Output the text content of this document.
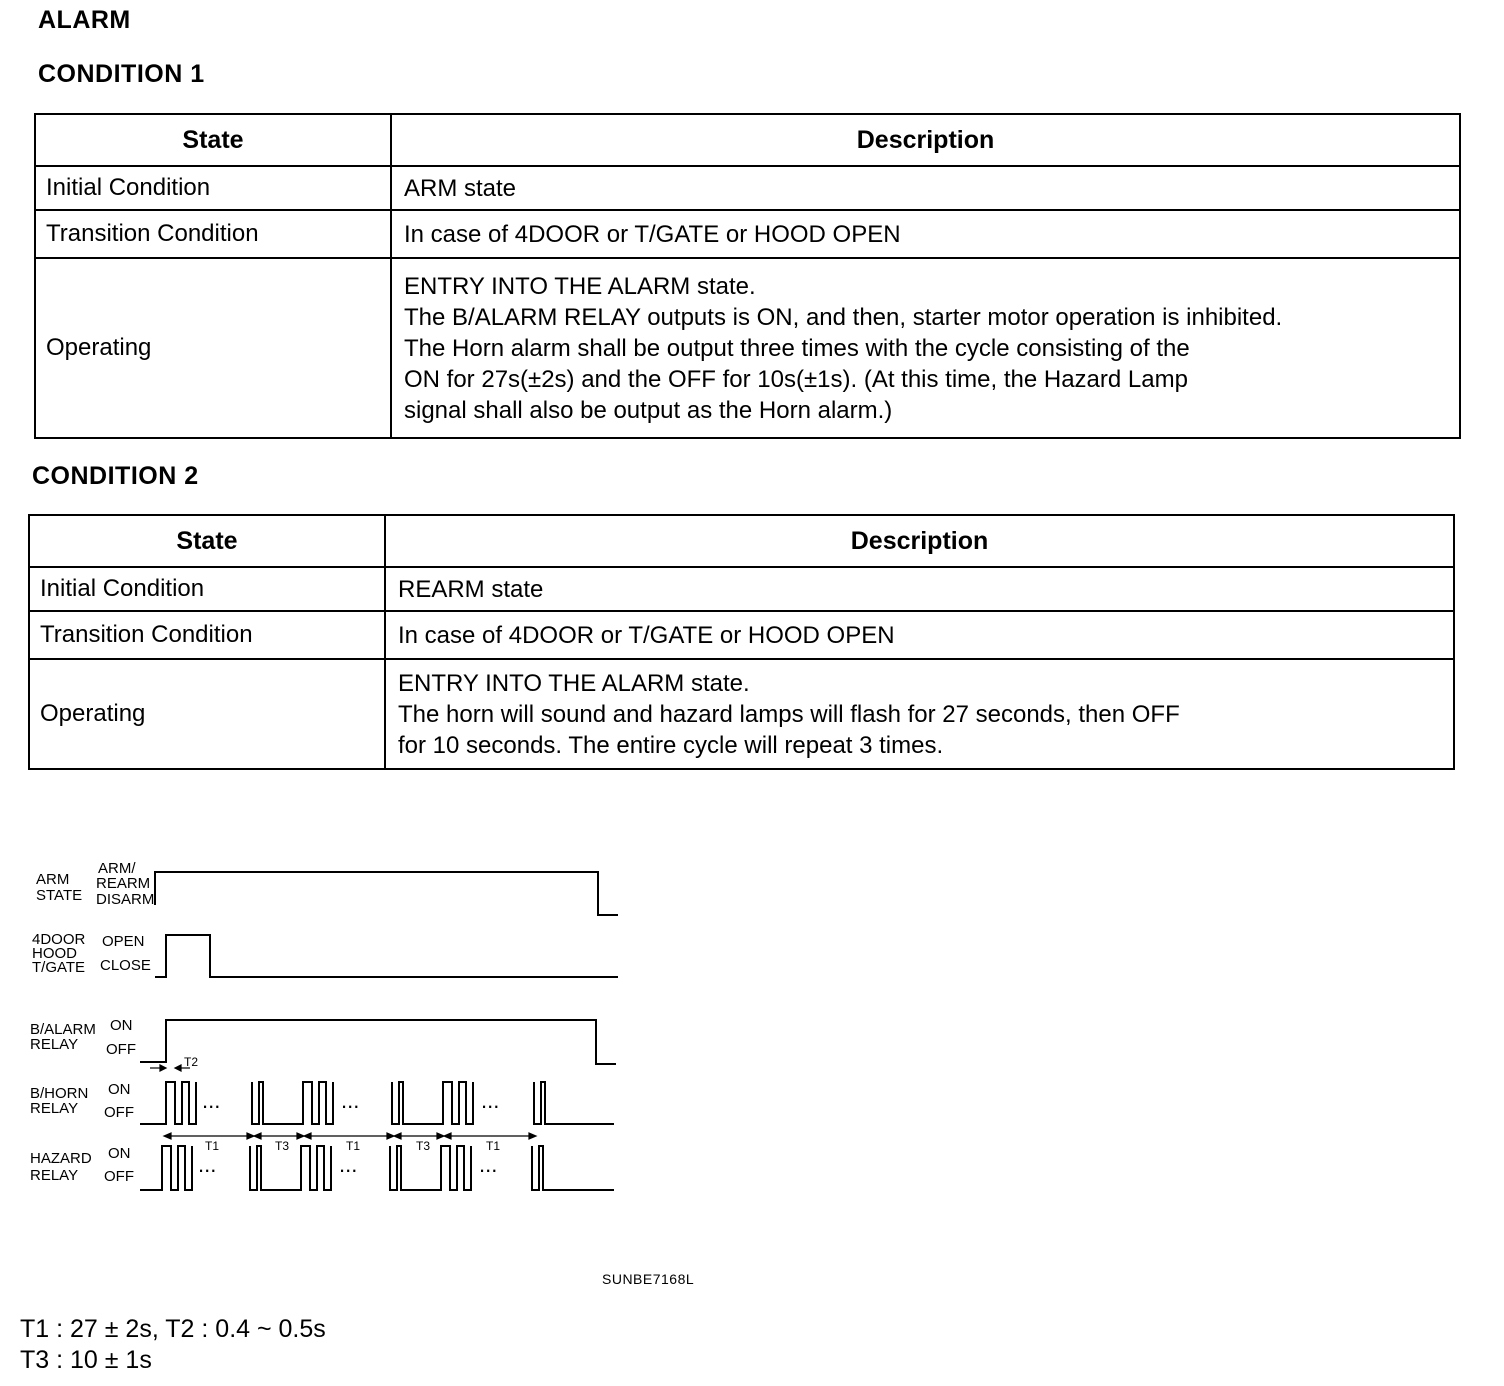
ALARM
CONDITION 1
State	Description
Initial Condition	ARM state

Transition Condition	In case of 4DOOR or T/GATE or HOOD OPEN

Operating	ENTRY INTO THE ALARM state.
The B/ALARM RELAY outputs is ON, and then, starter motor operation is inhibited.
The Horn alarm shall be output three times with the cycle consisting of the
ON for 27s(±2s) and the OFF for 10s(±1s). (At this time, the Hazard Lamp
signal shall also be output as the Horn alarm.)
CONDITION 2
State	Description
Initial Condition	REARM state

Transition Condition	In case of 4DOOR or T/GATE or HOOD OPEN

Operating	ENTRY INTO THE ALARM state.
The horn will sound and hazard lamps will flash for 27 seconds, then OFF
for 10 seconds. The entire cycle will repeat 3 times.
ARM
STATE
4DOOR
HOOD
T/GATE
B/ALARM
RELAY
B/HORN
RELAY
HAZARD
RELAY
ARM/
REARM
DISARM
OPEN
CLOSE
ON
OFF
ON
OFF
ON
OFF
T2
T1	T3	T1	T3	T1
...	...	...
...	...	...
SUNBE7168L
T1 : 27 ± 2s, T2 : 0.4 ~ 0.5s
T3 : 10 ± 1s
